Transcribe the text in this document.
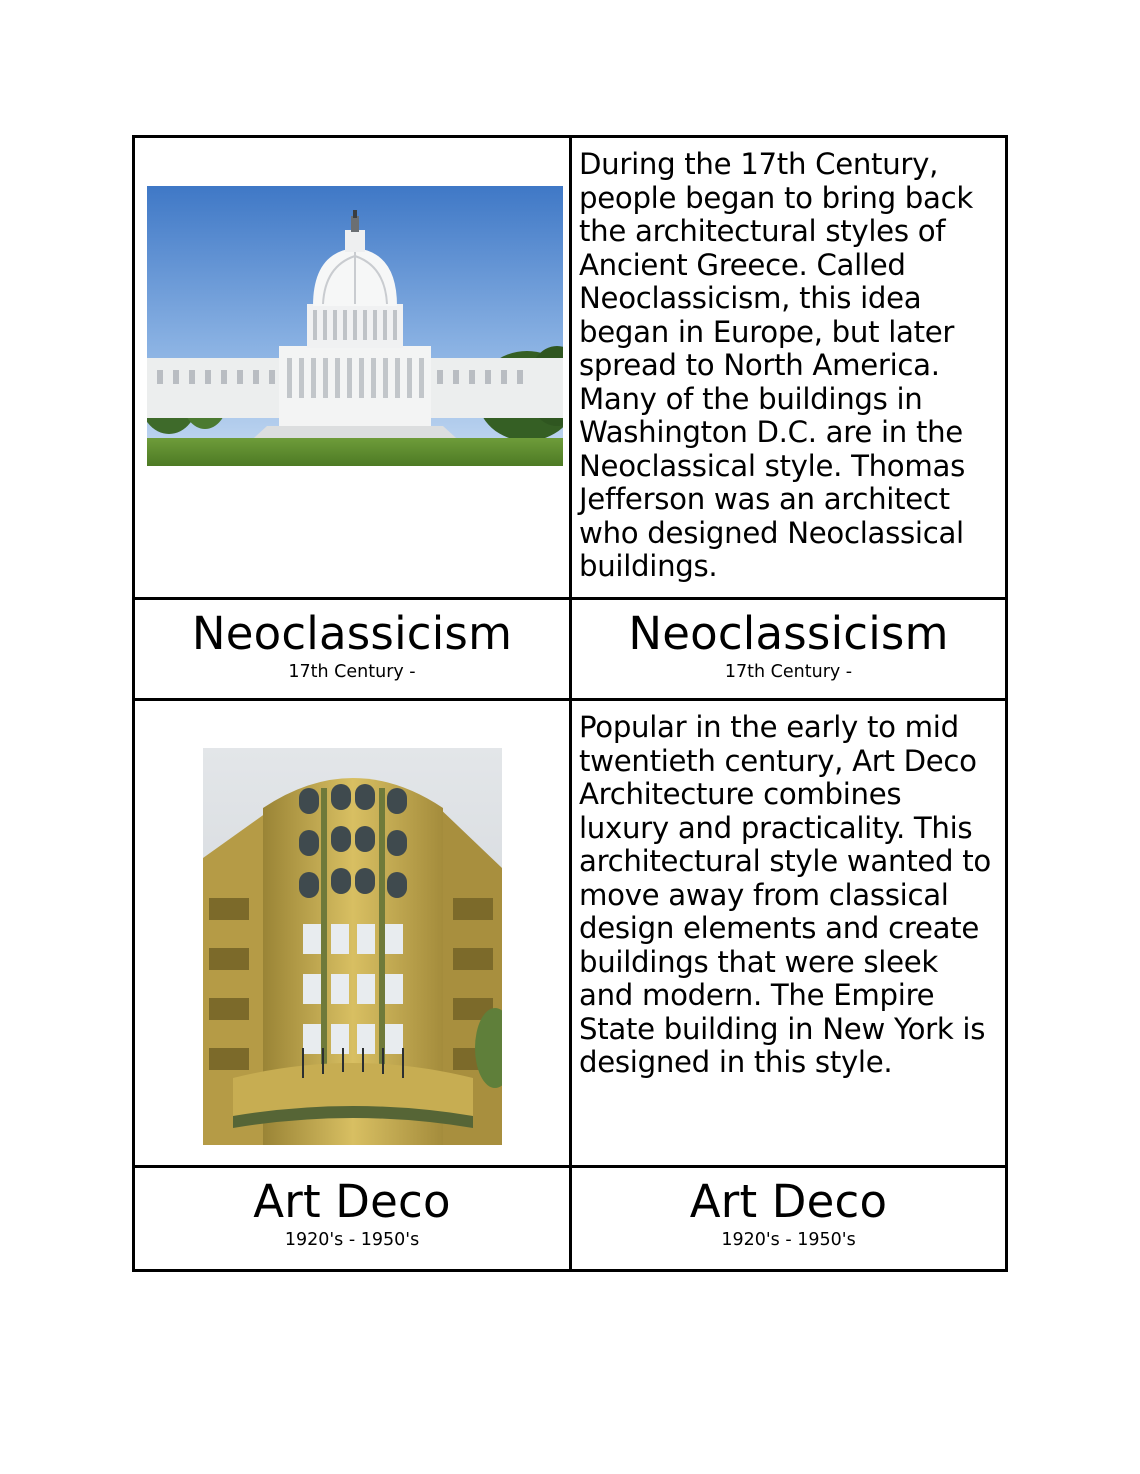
During the 17th Century, people began to bring back the architectural styles of Ancient Greece. Called Neoclassicism, this idea began in Europe, but later spread to North America. Many of the buildings in Washington D.C. are in the Neoclassical style. Thomas Jefferson was an architect who designed Neoclassical buildings.
Neoclassicism
17th Century -
Neoclassicism
17th Century -
Popular in the early to mid twentieth century, Art Deco Architecture combines luxury and practicality. This architectural style wanted to move away from classical design elements and create buildings that were sleek and modern. The Empire State building in New York is designed in this style.
Art Deco
1920's - 1950's
Art Deco
1920's - 1950's
